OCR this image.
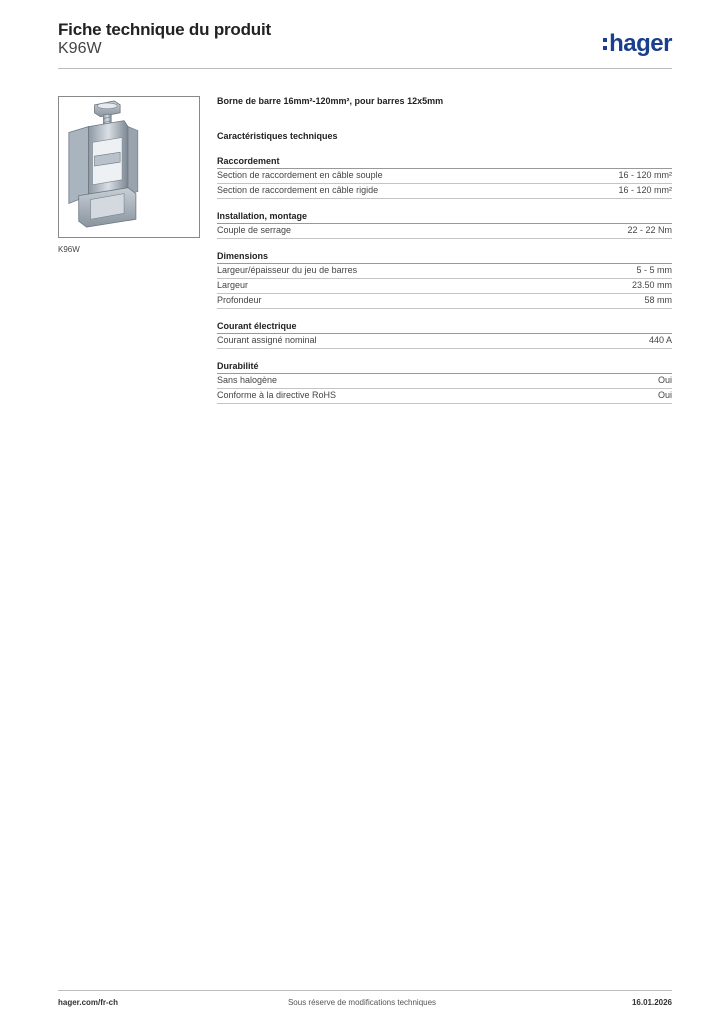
Fiche technique du produit
K96W	hager
K96W
Borne de barre 16mm²-120mm², pour barres 12x5mm
Caractéristiques techniques
Raccordement
Section de raccordement en câble souple	16 - 120 mm²
Section de raccordement en câble rigide	16 - 120 mm²
Installation, montage
Couple de serrage	22 - 22 Nm
Dimensions
Largeur/épaisseur du jeu de barres	5 - 5 mm
Largeur	23.50 mm
Profondeur	58 mm
Courant électrique
Courant assigné nominal	440 A
Durabilité
Sans halogène	Oui
Conforme à la directive RoHS	Oui
hager.com/fr-ch	Sous réserve de modifications techniques	16.01.2026
